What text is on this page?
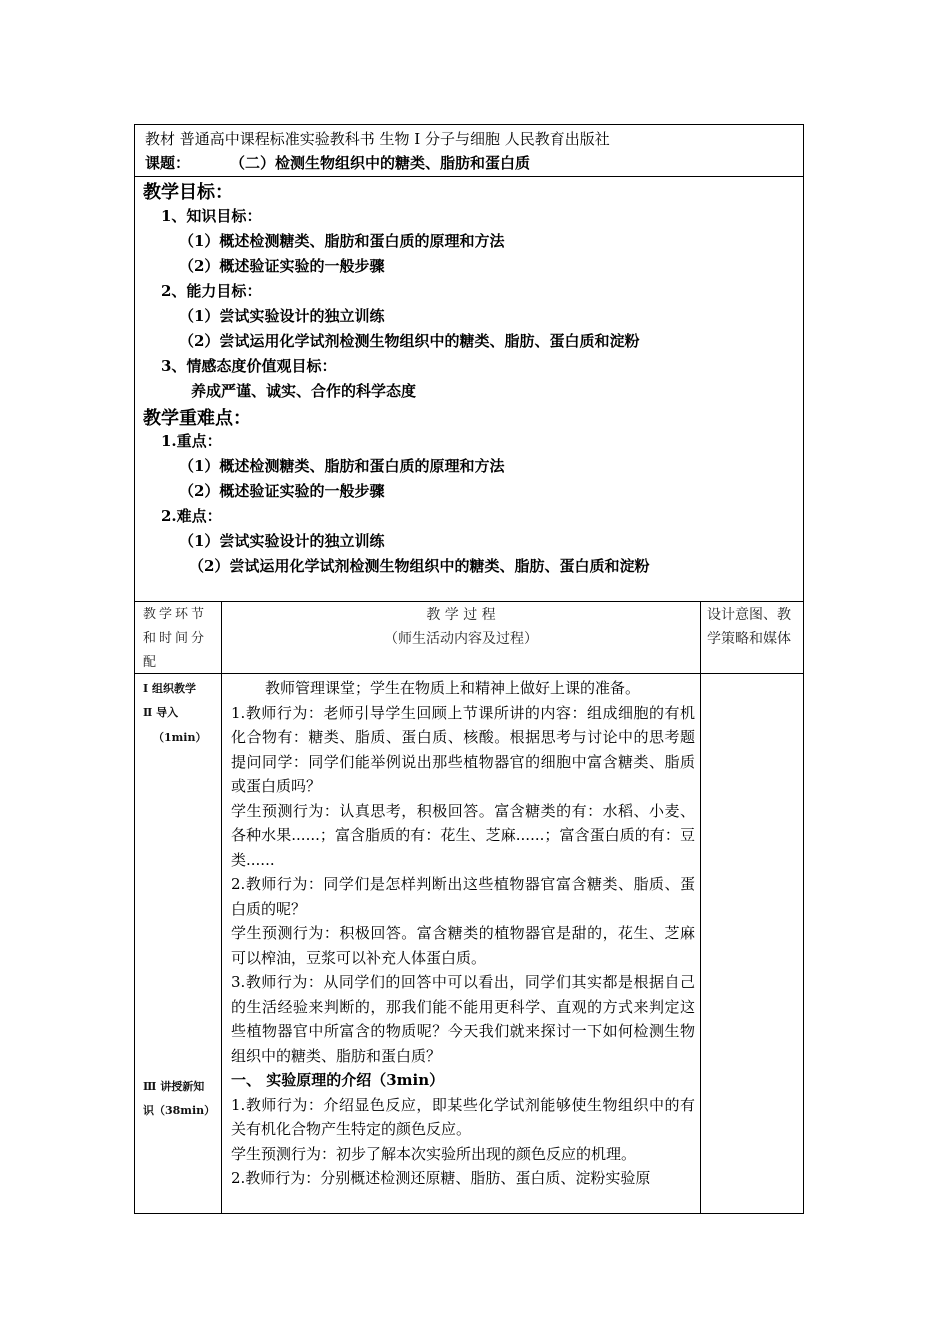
教材 普通高中课程标准实验教科书 生物 Ⅰ 分子与细胞 人民教育出版社
课题：	（二）检测生物组织中的糖类、脂肪和蛋白质
教学目标：
1、知识目标：
（1）概述检测糖类、脂肪和蛋白质的原理和方法
（2）概述验证实验的一般步骤
2、能力目标：
（1）尝试实验设计的独立训练
（2）尝试运用化学试剂检测生物组织中的糖类、脂肪、蛋白质和淀粉
3、情感态度价值观目标：
养成严谨、诚实、合作的科学态度
教学重难点：
1.重点：
（1）概述检测糖类、脂肪和蛋白质的原理和方法
（2）概述验证实验的一般步骤
2.难点：
（1）尝试实验设计的独立训练
（2）尝试运用化学试剂检测生物组织中的糖类、脂肪、蛋白质和淀粉
教学环节和时间分配
教 学 过 程
（师生活动内容及过程）
设计意图、教学策略和媒体
Ⅰ 组织教学
Ⅱ 导入
（1min）
Ⅲ 讲授新知
识（38min）

教师管理课堂；学生在物质上和精神上做好上课的准备。

1.教师行为：老师引导学生回顾上节课所讲的内容：组成细胞的有机化合物有：糖类、脂质、蛋白质、核酸。根据思考与讨论中的思考题提问同学：同学们能举例说出那些植物器官的细胞中富含糖类、脂质或蛋白质吗？

学生预测行为：认真思考，积极回答。富含糖类的有：水稻、小麦、各种水果......；富含脂质的有：花生、芝麻......；富含蛋白质的有：豆类......

2.教师行为：同学们是怎样判断出这些植物器官富含糖类、脂质、蛋白质的呢？

学生预测行为：积极回答。富含糖类的植物器官是甜的，花生、芝麻可以榨油，豆浆可以补充人体蛋白质。

3.教师行为：从同学们的回答中可以看出，同学们其实都是根据自己的生活经验来判断的，那我们能不能用更科学、直观的方式来判定这些植物器官中所富含的物质呢？今天我们就来探讨一下如何检测生物组织中的糖类、脂肪和蛋白质？

一、 实验原理的介绍（3min）

1.教师行为：介绍显色反应，即某些化学试剂能够使生物组织中的有关有机化合物产生特定的颜色反应。

学生预测行为：初步了解本次实验所出现的颜色反应的机理。

2.教师行为：分别概述检测还原糖、脂肪、蛋白质、淀粉实验原
